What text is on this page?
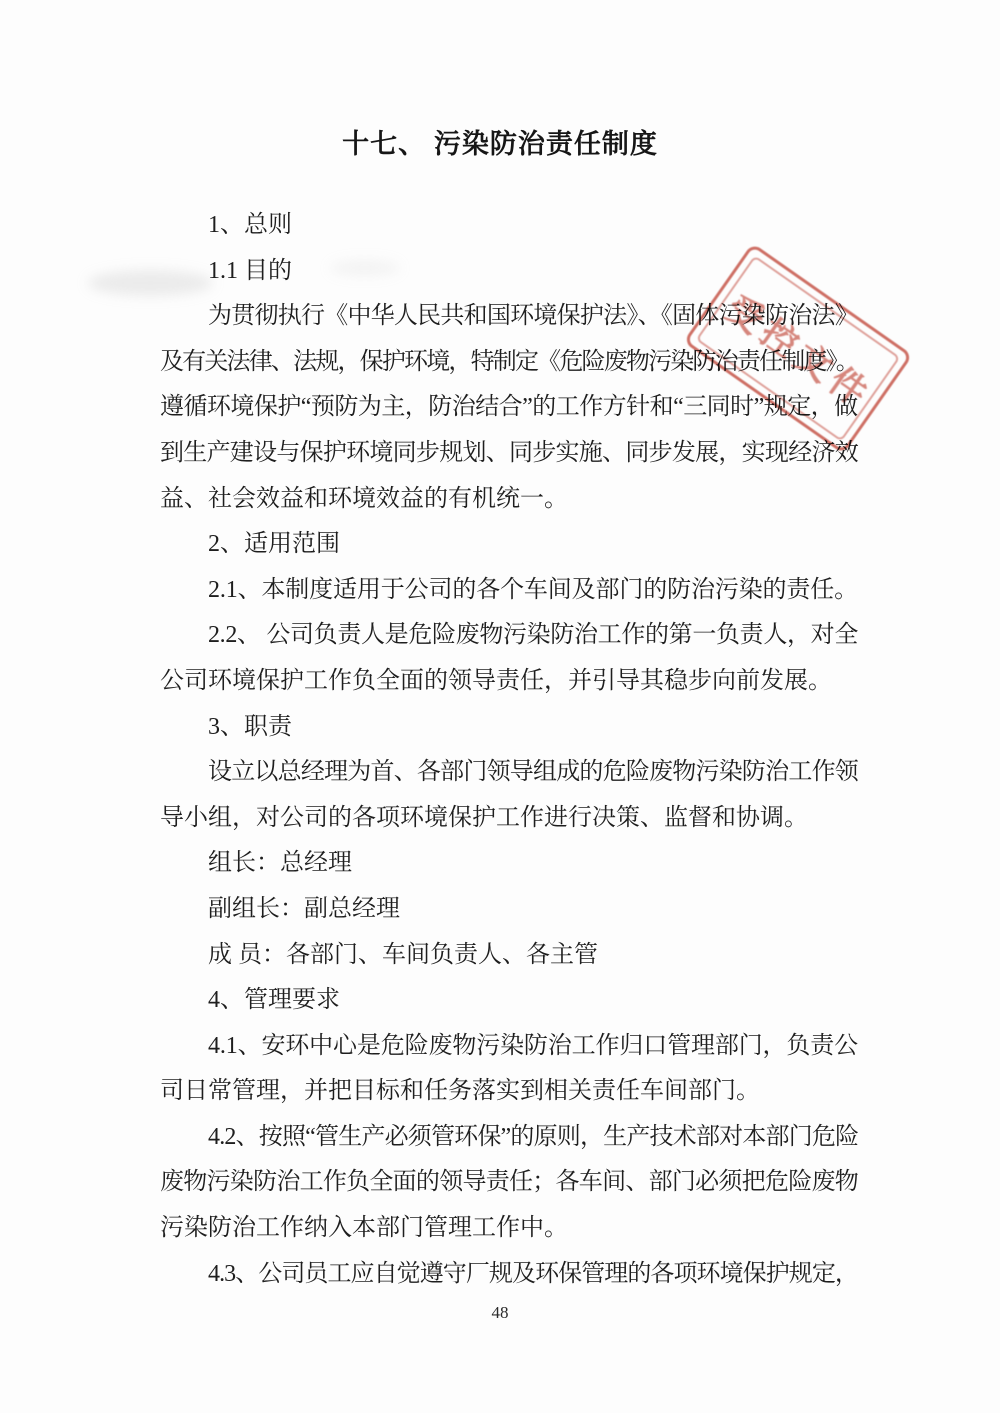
十七、 污染防治责任制度
1、总则
1.1 目的
为贯彻执行《中华人民共和国环境保护法》、《固体污染防治法》
及有关法律、法规，保护环境，特制定《危险废物污染防治责任制度》。
遵循环境保护“预防为主，防治结合”的工作方针和“三同时”规定，做
到生产建设与保护环境同步规划、同步实施、同步发展，实现经济效
益、社会效益和环境效益的有机统一。
2、适用范围
2.1、本制度适用于公司的各个车间及部门的防治污染的责任。
2.2、 公司负责人是危险废物污染防治工作的第一负责人，对全
公司环境保护工作负全面的领导责任，并引导其稳步向前发展。
3、职责
设立以总经理为首、各部门领导组成的危险废物污染防治工作领
导小组，对公司的各项环境保护工作进行决策、监督和协调。
组长：总经理
副组长：副总经理
成 员：各部门、车间负责人、各主管
4、管理要求
4.1、安环中心是危险废物污染防治工作归口管理部门，负责公
司日常管理，并把目标和任务落实到相关责任车间部门。
4.2、按照“管生产必须管环保”的原则，生产技术部对本部门危险
废物污染防治工作负全面的领导责任；各车间、部门必须把危险废物
污染防治工作纳入本部门管理工作中。
4.3、公司员工应自觉遵守厂规及环保管理的各项环境保护规定，
受控文件
48
